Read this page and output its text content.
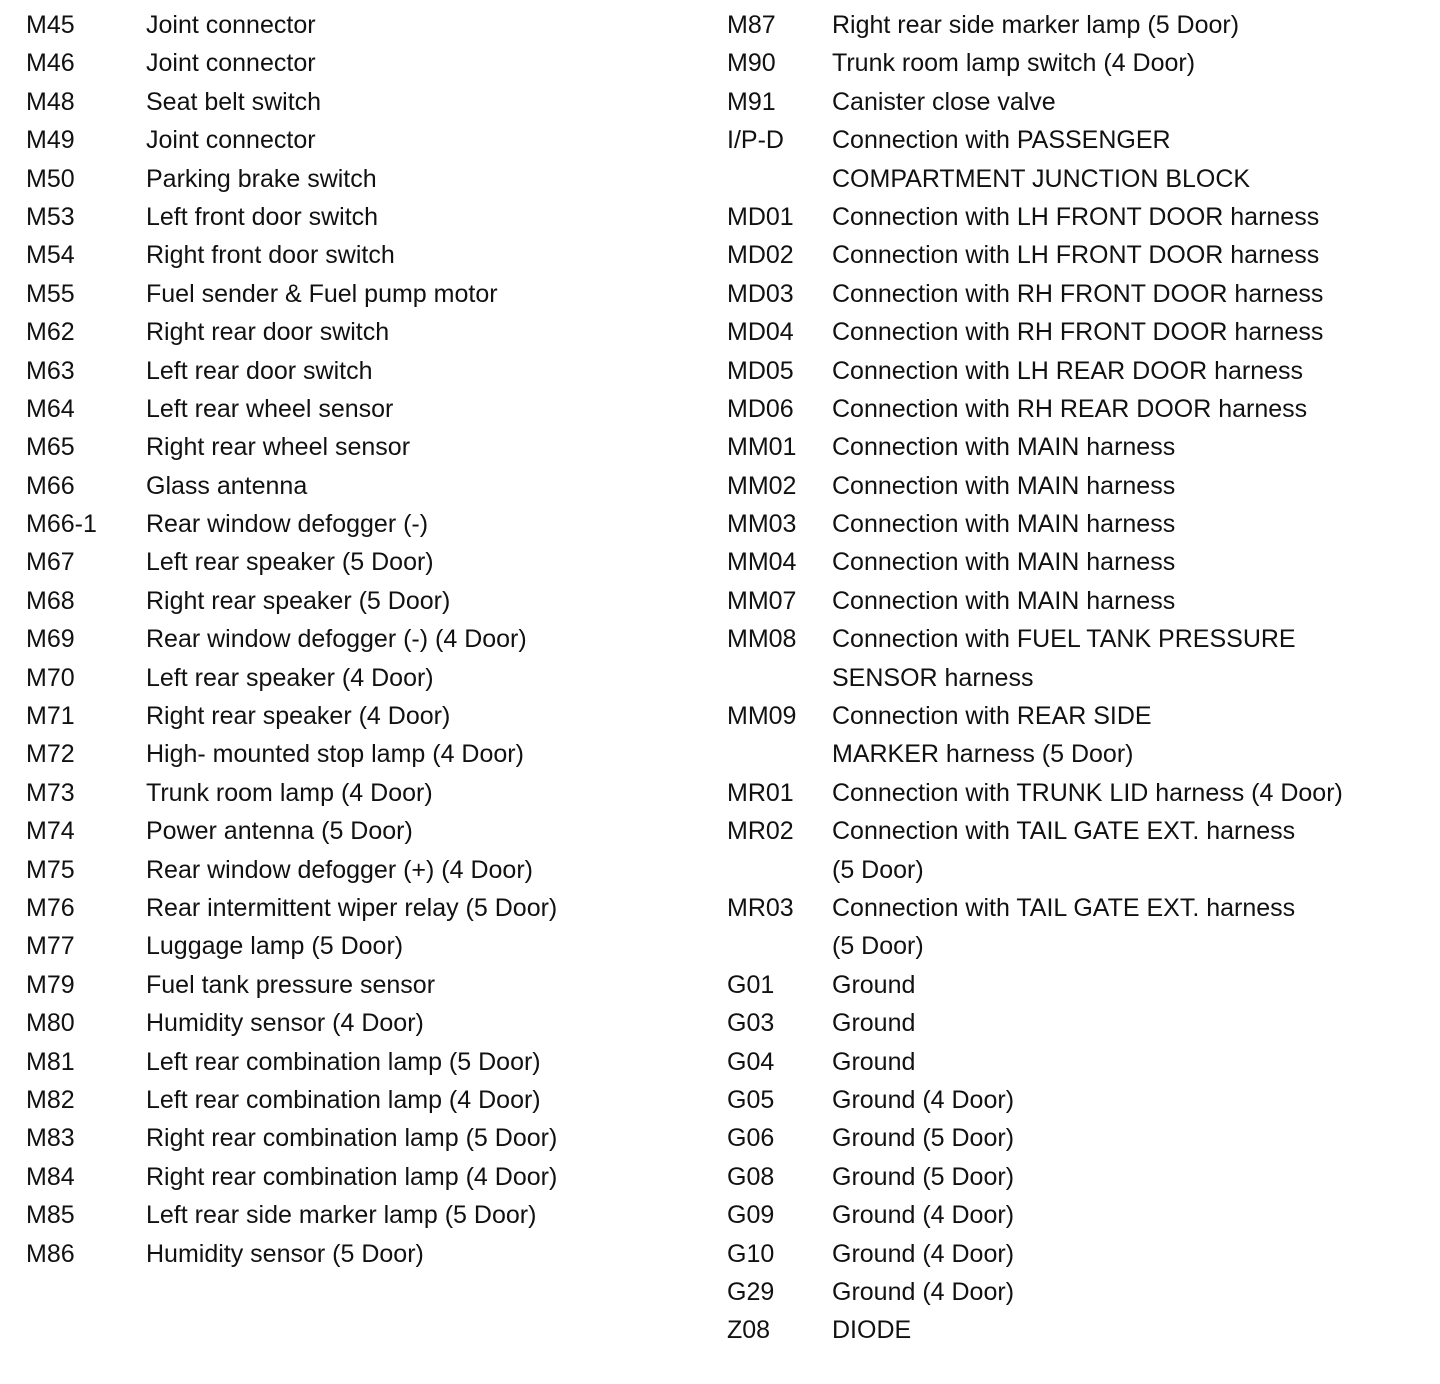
M45	Joint connector
M46	Joint connector
M48	Seat belt switch
M49	Joint connector
M50	Parking brake switch
M53	Left front door switch
M54	Right front door switch
M55	Fuel sender & Fuel pump motor
M62	Right rear door switch
M63	Left rear door switch
M64	Left rear wheel sensor
M65	Right rear wheel sensor
M66	Glass antenna
M66-1	Rear window defogger (-)
M67	Left rear speaker (5 Door)
M68	Right rear speaker (5 Door)
M69	Rear window defogger (-) (4 Door)
M70	Left rear speaker (4 Door)
M71	Right rear speaker (4 Door)
M72	High- mounted stop lamp (4 Door)
M73	Trunk room lamp (4 Door)
M74	Power antenna (5 Door)
M75	Rear window defogger (+) (4 Door)
M76	Rear intermittent wiper relay (5 Door)
M77	Luggage lamp (5 Door)
M79	Fuel tank pressure sensor
M80	Humidity sensor (4 Door)
M81	Left rear combination lamp (5 Door)
M82	Left rear combination lamp (4 Door)
M83	Right rear combination lamp (5 Door)
M84	Right rear combination lamp (4 Door)
M85	Left rear side marker lamp (5 Door)
M86	Humidity sensor (5 Door)
M87	Right rear side marker lamp (5 Door)
M90	Trunk room lamp switch (4 Door)
M91	Canister close valve
I/P-D	Connection with PASSENGER
COMPARTMENT JUNCTION BLOCK
MD01	Connection with LH FRONT DOOR harness
MD02	Connection with LH FRONT DOOR harness
MD03	Connection with RH FRONT DOOR harness
MD04	Connection with RH FRONT DOOR harness
MD05	Connection with LH REAR DOOR harness
MD06	Connection with RH REAR DOOR harness
MM01	Connection with MAIN harness
MM02	Connection with MAIN harness
MM03	Connection with MAIN harness
MM04	Connection with MAIN harness
MM07	Connection with MAIN harness
MM08	Connection with FUEL TANK PRESSURE
SENSOR harness
MM09	Connection with REAR SIDE
MARKER harness (5 Door)
MR01	Connection with TRUNK LID harness (4 Door)
MR02	Connection with TAIL GATE EXT. harness
(5 Door)
MR03	Connection with TAIL GATE EXT. harness
(5 Door)
G01	Ground
G03	Ground
G04	Ground
G05	Ground (4 Door)
G06	Ground (5 Door)
G08	Ground (5 Door)
G09	Ground (4 Door)
G10	Ground (4 Door)
G29	Ground (4 Door)
Z08	DIODE
